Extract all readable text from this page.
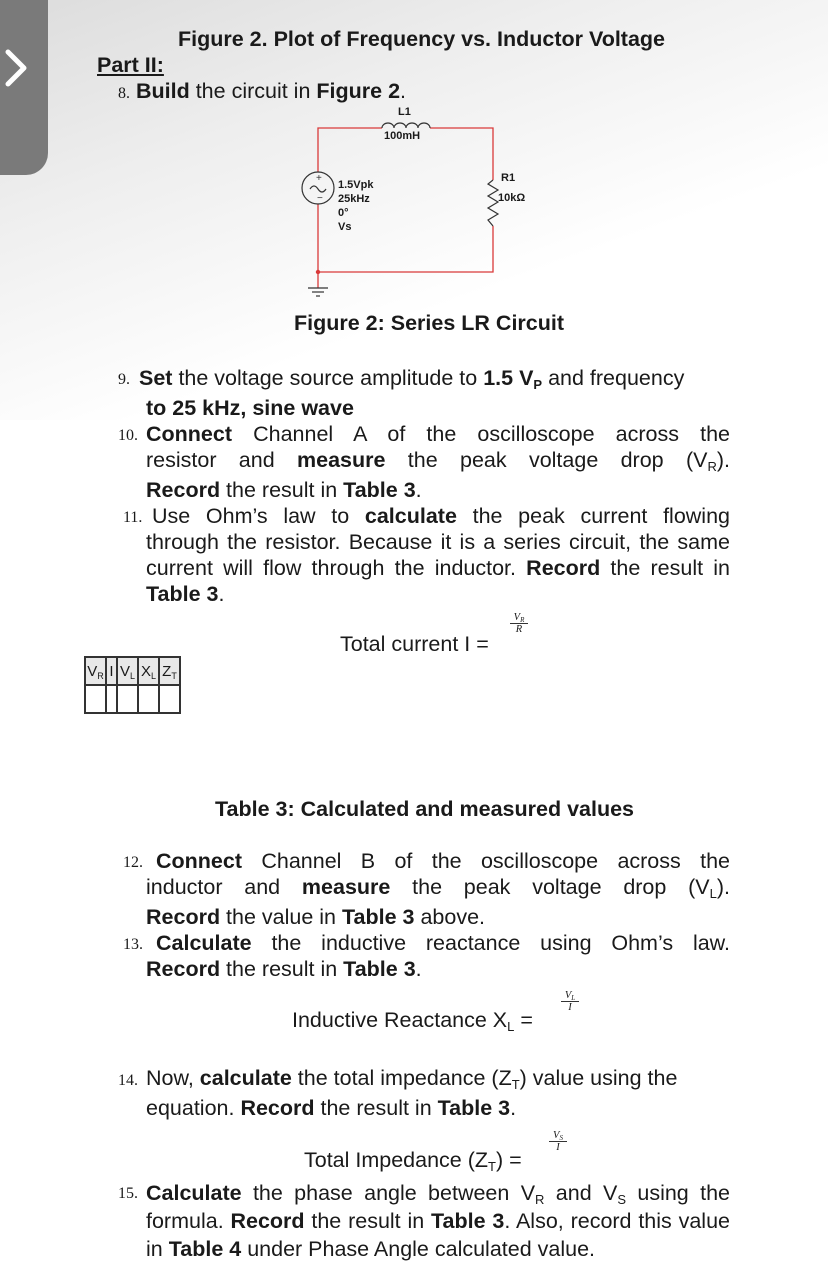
Figure 2. Plot of Frequency vs. Inductor Voltage
Part II:
8. Build the circuit in Figure 2.
+
−
L1
100mH
1.5Vpk
25kHz
0°
Vs
R1
10kΩ
Figure 2: Series LR Circuit
9. Set the voltage source amplitude to 1.5 $V_P$ and frequency
to 25 kHz, sine wave
10. Connect Channel A of the oscilloscope across the
resistor and measure the peak voltage drop $(V_R)$.
Record the result in Table 3.
11. Use Ohm’s law to calculate the peak current flowing through the resistor. Because it is a series circuit, the same current will flow through the inductor. Record the result in Table 3.
Total current I =
$\frac{V_R}{R}$
$V_R$	I	$V_L$	$X_L$	$Z_T$

Table 3: Calculated and measured values
12. Connect Channel B of the oscilloscope across the
inductor and measure the peak voltage drop $(V_L)$.
Record the value in Table 3 above.
13. Calculate the inductive reactance using Ohm’s law.
Record the result in Table 3.
Inductive Reactance $X_L$ =
$\frac{V_L}{I}$
14. Now, calculate the total impedance $(Z_T)$ value using the
equation. Record the result in Table 3.
Total Impedance $(Z_T)$ =
$\frac{V_S}{I}$
15. Calculate the phase angle between $V_R$ and $V_S$ using the formula. Record the result in Table 3. Also, record this value in Table 4 under Phase Angle calculated value.
